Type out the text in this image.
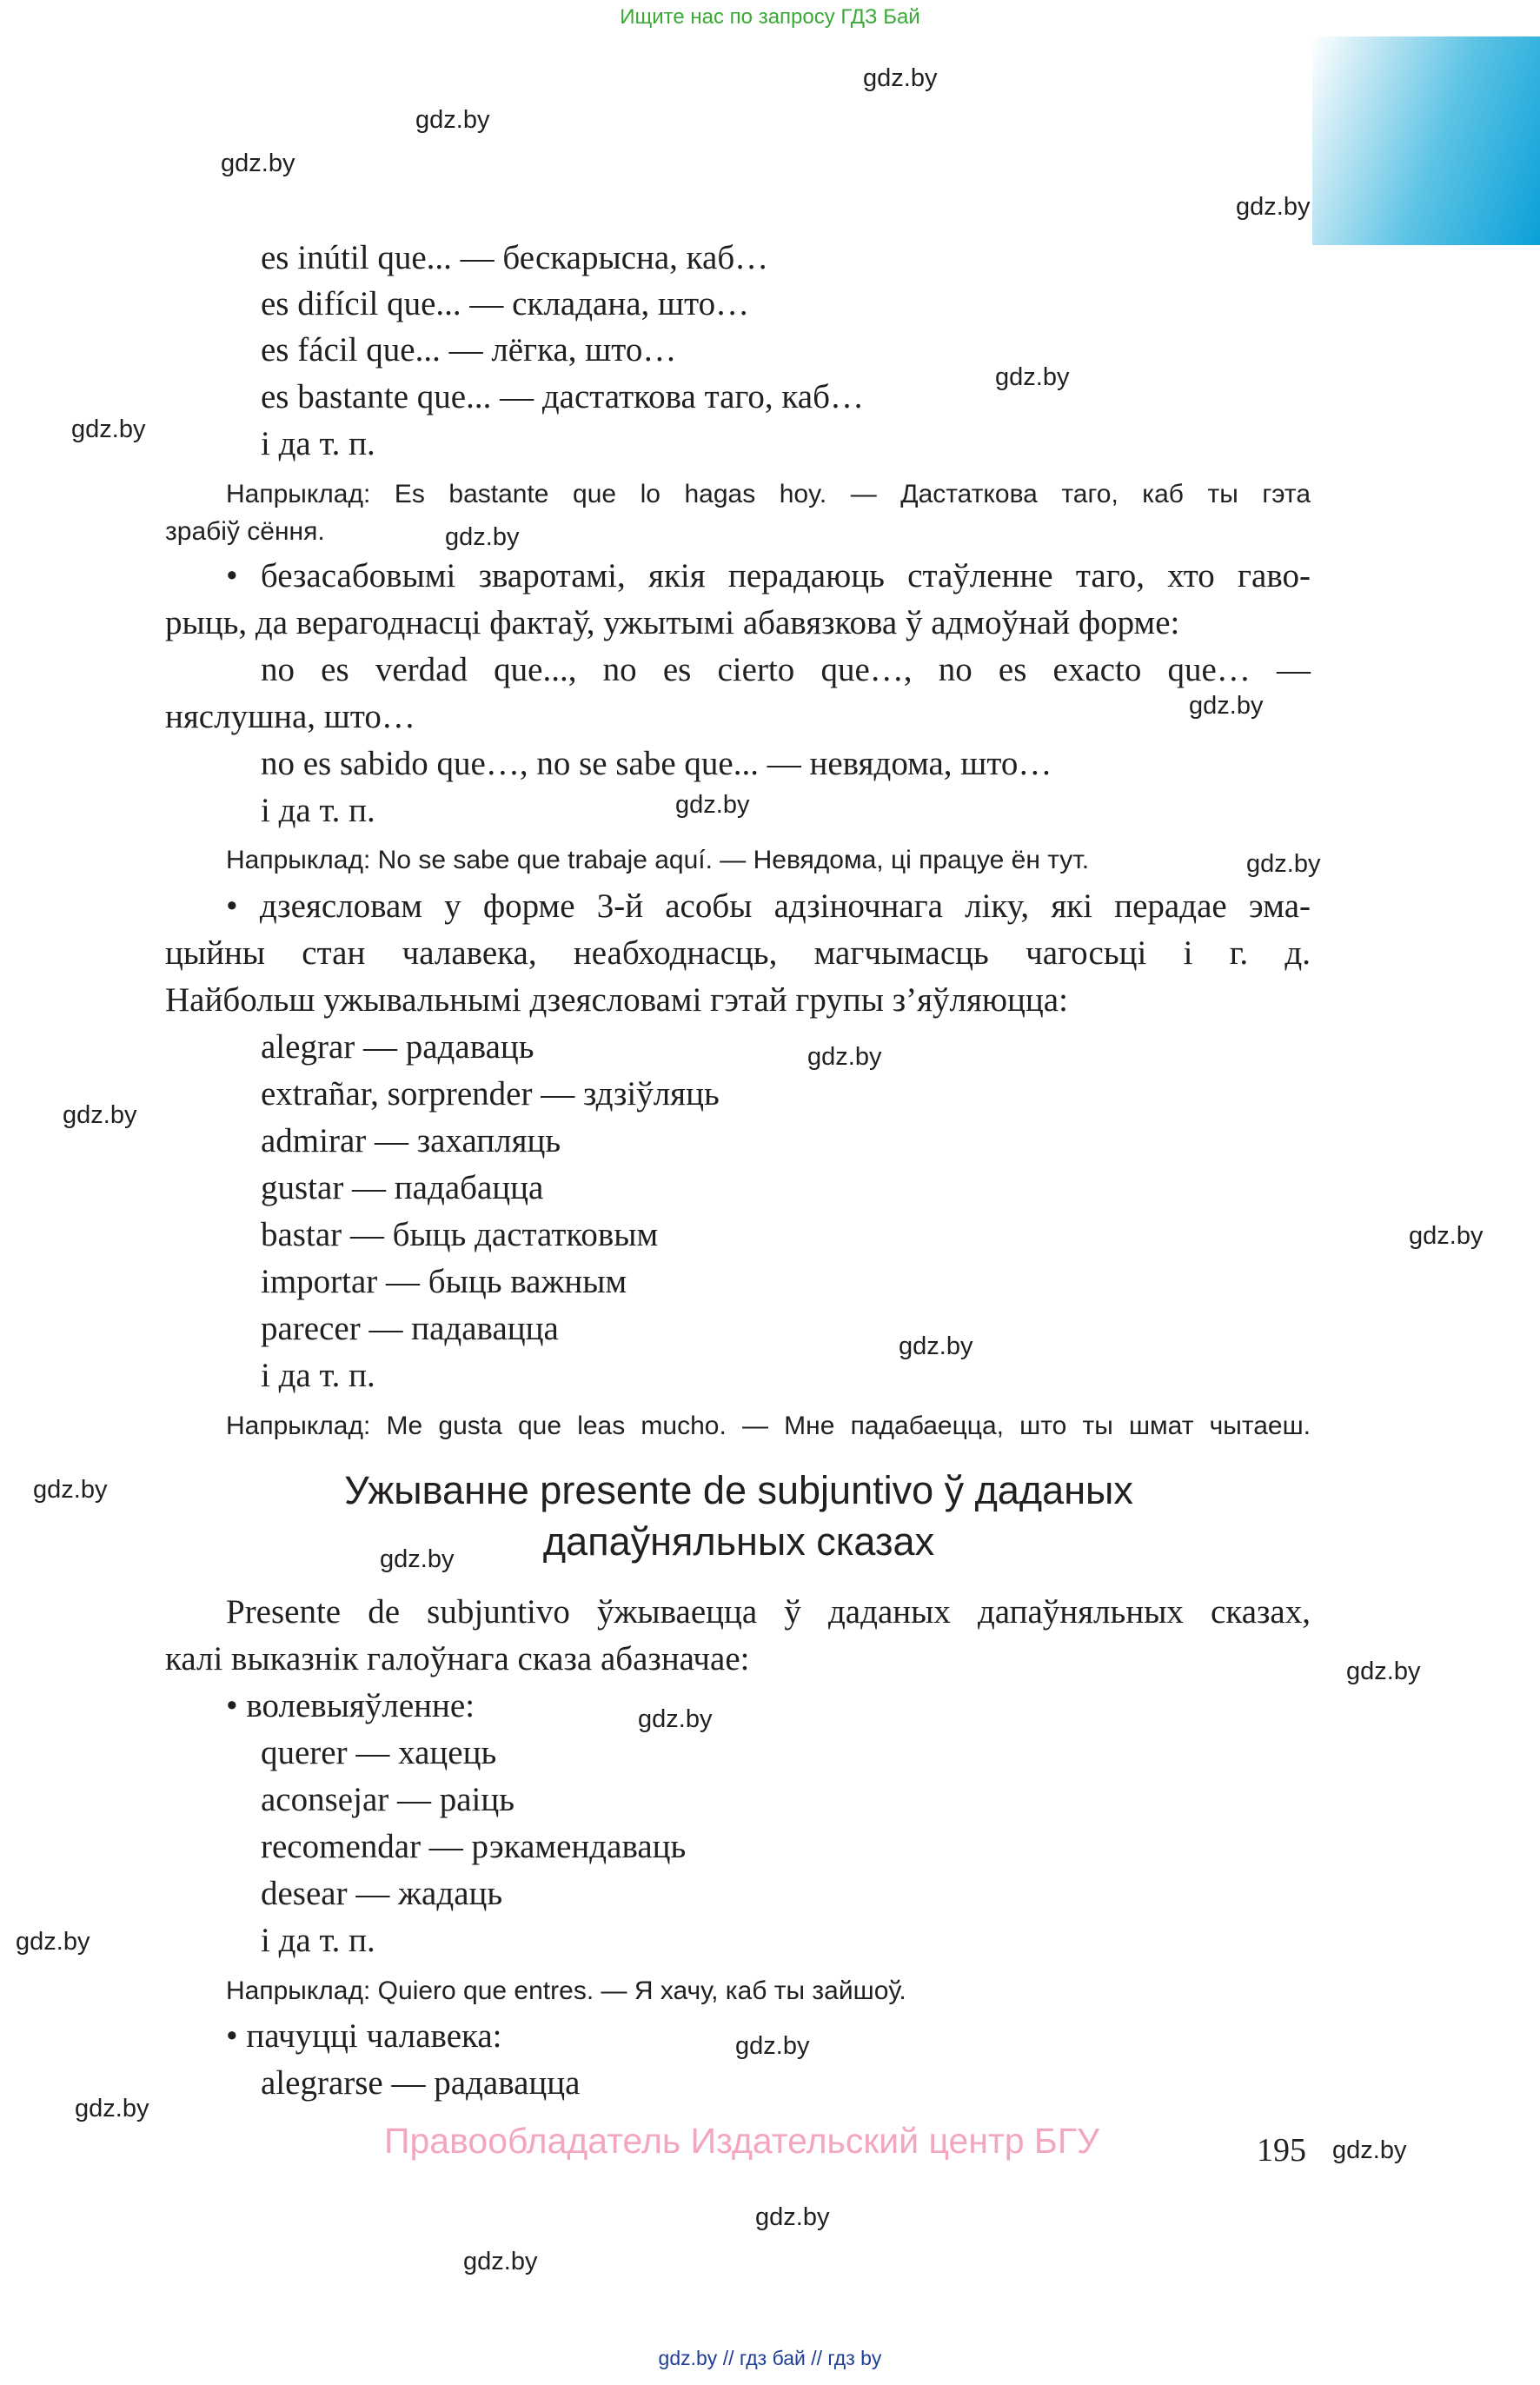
Ищите нас по запросу ГДЗ Бай
gdz.by
gdz.by
gdz.by
gdz.by
gdz.by
gdz.by
gdz.by
gdz.by
gdz.by
gdz.by
gdz.by
gdz.by
gdz.by
gdz.by
gdz.by
gdz.by
gdz.by
gdz.by
gdz.by
gdz.by
gdz.by
gdz.by
gdz.by
gdz.by
es inútil que... — бескарысна, каб…
es difícil que... — складана, што…
es fácil que... — лёгка, што…
es bastante que... — дастаткова таго, каб…
і да т. п.
Напрыклад: Es bastante que lo hagas hoy. — Дастаткова таго, каб ты гэта
зрабіў сёння.
• безасабовымі зваротамі, якія перадаюць стаўленне таго, хто гаво-
рыць, да верагоднасці фактаў, ужытымі абавязкова ў адмоўнай форме:
no es verdad que..., no es cierto que…, no es exacto que… —
няслушна, што…
no es sabido que…, no se sabe que... — невядома, што…
і да т. п.
Напрыклад: No se sabe que trabaje aquí. — Невядома, ці працуе ён тут.
• дзеясловам у форме 3-й асобы адзіночнага ліку, які перадае эма-
цыйны стан чалавека, неабходнасць, магчымасць чагосьці і г. д.
Найбольш ужывальнымі дзеясловамі гэтай групы з’яўляюцца:
alegrar — радаваць
extrañar, sorprender — здзіўляць
admirar — захапляць
gustar — падабацца
bastar — быць дастатковым
importar — быць важным
parecer — падавацца
і да т. п.
Напрыклад: Me gusta que leas mucho. — Мне падабаецца, што ты шмат чытаеш.
Ужыванне presente de subjuntivo ў даданых
дапаўняльных сказах
Presente de subjuntivo ўжываецца ў даданых дапаўняльных сказах,
калі выказнік галоўнага сказа абазначае:
• волевыяўленне:
querer — хацець
aconsejar — раіць
recomendar — рэкамендаваць
desear — жадаць
і да т. п.
Напрыклад: Quiero que entres. — Я хачу, каб ты зайшоў.
• пачуцці чалавека:
alegrarse — радавацца
Правообладатель Издательский центр БГУ	195
gdz.by // гдз бай // гдз by
